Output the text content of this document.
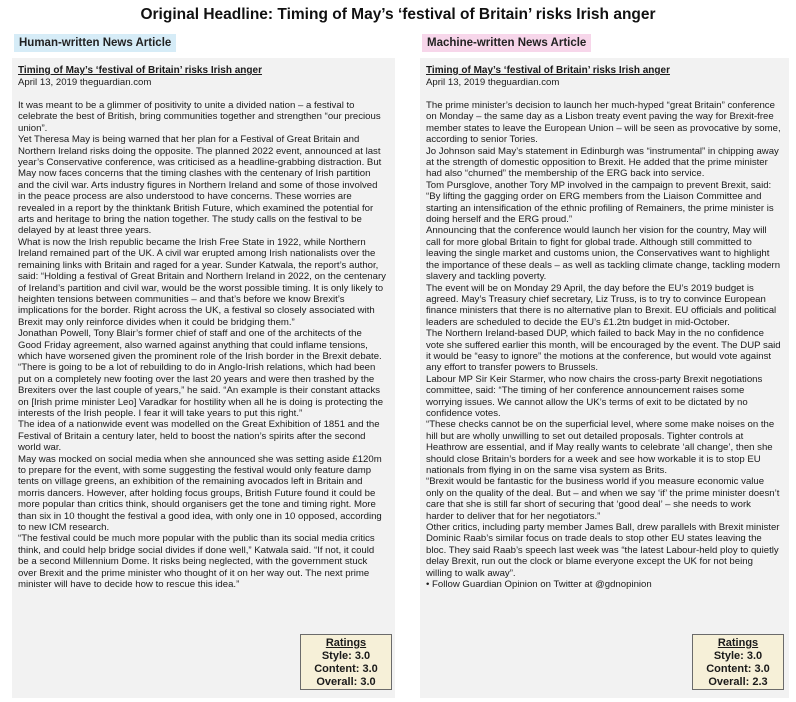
Original Headline: Timing of May’s ‘festival of Britain’ risks Irish anger
Human-written News Article	Machine-written News Article
Timing of May’s ‘festival of Britain’ risks Irish anger
April 13, 2019 theguardian.com

It was meant to be a glimmer of positivity to unite a divided nation – a festival to celebrate the best of British, bring communities together and strengthen “our precious union”.

Yet Theresa May is being warned that her plan for a Festival of Great Britain and Northern Ireland risks doing the opposite. The planned 2022 event, announced at last year’s Conservative conference, was criticised as a headline-grabbing distraction. But May now faces concerns that the timing clashes with the centenary of Irish partition and the civil war. Arts industry figures in Northern Ireland and some of those involved in the peace process are also understood to have concerns. These worries are revealed in a report by the thinktank British Future, which examined the potential for arts and heritage to bring the nation together. The study calls on the festival to be delayed by at least three years.

What is now the Irish republic became the Irish Free State in 1922, while Northern Ireland remained part of the UK. A civil war erupted among Irish nationalists over the remaining links with Britain and raged for a year. Sunder Katwala, the report’s author, said: “Holding a festival of Great Britain and Northern Ireland in 2022, on the centenary of Ireland’s partition and civil war, would be the worst possible timing. It is only likely to heighten tensions between communities – and that’s before we know Brexit’s implications for the border. Right across the UK, a festival so closely associated with Brexit may only reinforce divides when it could be bridging them.”

Jonathan Powell, Tony Blair’s former chief of staff and one of the architects of the Good Friday agreement, also warned against anything that could inflame tensions, which have worsened given the prominent role of the Irish border in the Brexit debate.

“There is going to be a lot of rebuilding to do in Anglo-Irish relations, which had been put on a completely new footing over the last 20 years and were then trashed by the Brexiters over the last couple of years,” he said. “An example is their constant attacks on [Irish prime minister Leo] Varadkar for hostility when all he is doing is protecting the interests of the Irish people. I fear it will take years to put this right.”

The idea of a nationwide event was modelled on the Great Exhibition of 1851 and the Festival of Britain a century later, held to boost the nation’s spirits after the second world war.

May was mocked on social media when she announced she was setting aside £120m to prepare for the event, with some suggesting the festival would only feature damp tents on village greens, an exhibition of the remaining avocados left in Britain and morris dancers. However, after holding focus groups, British Future found it could be more popular than critics think, should organisers get the tone and timing right. More than six in 10 thought the festival a good idea, with only one in 10 opposed, according to new ICM research.

“The festival could be much more popular with the public than its social media critics think, and could help bridge social divides if done well,” Katwala said. “If not, it could be a second Millennium Dome. It risks being neglected, with the government stuck over Brexit and the prime minister who thought of it on her way out. The next prime minister will have to decide how to rescue this idea.”

Timing of May’s ‘festival of Britain’ risks Irish anger
April 13, 2019 theguardian.com

The prime minister’s decision to launch her much-hyped “great Britain” conference on Monday – the same day as a Lisbon treaty event paving the way for Brexit-free member states to leave the European Union – will be seen as provocative by some, according to senior Tories.

Jo Johnson said May’s statement in Edinburgh was “instrumental” in chipping away at the strength of domestic opposition to Brexit. He added that the prime minister had also “churned” the membership of the ERG back into service.

Tom Pursglove, another Tory MP involved in the campaign to prevent Brexit, said: “By lifting the gagging order on ERG members from the Liaison Committee and starting an intensification of the ethnic profiling of Remainers, the prime minister is doing herself and the ERG proud.”

Announcing that the conference would launch her vision for the country, May will call for more global Britain to fight for global trade. Although still committed to leaving the single market and customs union, the Conservatives want to highlight the importance of these deals – as well as tackling climate change, tackling modern slavery and tackling poverty.

The event will be on Monday 29 April, the day before the EU’s 2019 budget is agreed. May’s Treasury chief secretary, Liz Truss, is to try to convince European finance ministers that there is no alternative plan to Brexit. EU officials and political leaders are scheduled to decide the EU’s £1.2tn budget in mid-October.

The Northern Ireland-based DUP, which failed to back May in the no confidence vote she suffered earlier this month, will be encouraged by the event. The DUP said it would be “easy to ignore” the motions at the conference, but would vote against any effort to transfer powers to Brussels.

Labour MP Sir Keir Starmer, who now chairs the cross-party Brexit negotiations committee, said: “The timing of her conference announcement raises some worrying issues. We cannot allow the UK’s terms of exit to be dictated by no confidence votes.

“These checks cannot be on the superficial level, where some make noises on the hill but are wholly unwilling to set out detailed proposals. Tighter controls at Heathrow are essential, and if May really wants to celebrate ‘all change’, then she should close Britain’s borders for a week and see how workable it is to stop EU nationals from flying in on the same visa system as Brits.

“Brexit would be fantastic for the business world if you measure economic value only on the quality of the deal. But – and when we say ‘if’ the prime minister doesn’t care that she is still far short of securing that ‘good deal’ – she needs to work harder to deliver that for her negotiators.”

Other critics, including party member James Ball, drew parallels with Brexit minister Dominic Raab’s similar focus on trade deals to stop other EU states leaving the bloc. They said Raab’s speech last week was “the latest Labour-held ploy to quietly delay Brexit, run out the clock or blame everyone except the UK for not being willing to walk away”.

• Follow Guardian Opinion on Twitter at @gdnopinion

Ratings
Style: 3.0
Content: 3.0
Overall: 3.0
Ratings
Style: 3.0
Content: 3.0
Overall: 2.3
